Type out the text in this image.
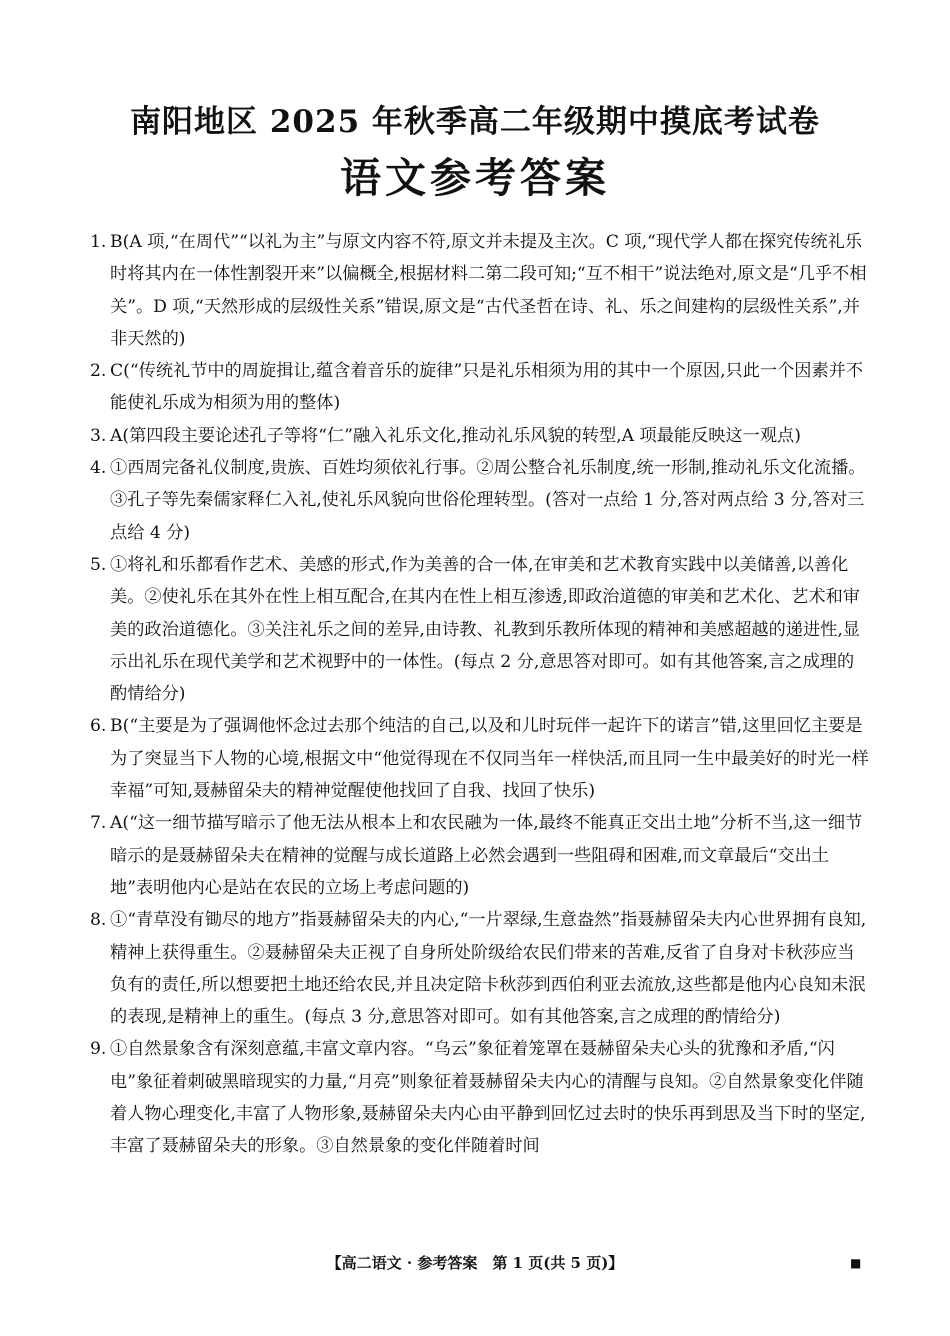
南阳地区 2025 年秋季高二年级期中摸底考试卷
语文参考答案
1. B(A 项,“在周代”“以礼为主”与原文内容不符,原文并未提及主次。C 项,“现代学人都在探究传统礼乐时将其内在一体性割裂开来”以偏概全,根据材料二第二段可知;“互不相干”说法绝对,原文是“几乎不相关”。D 项,“天然形成的层级性关系”错误,原文是“古代圣哲在诗、礼、乐之间建构的层级性关系”,并非天然的)
2. C(“传统礼节中的周旋揖让,蕴含着音乐的旋律”只是礼乐相须为用的其中一个原因,只此一个因素并不能使礼乐成为相须为用的整体)
3. A(第四段主要论述孔子等将“仁”融入礼乐文化,推动礼乐风貌的转型,A 项最能反映这一观点)
4. ①西周完备礼仪制度,贵族、百姓均须依礼行事。②周公整合礼乐制度,统一形制,推动礼乐文化流播。③孔子等先秦儒家释仁入礼,使礼乐风貌向世俗伦理转型。(答对一点给 1 分,答对两点给 3 分,答对三点给 4 分)
5. ①将礼和乐都看作艺术、美感的形式,作为美善的合一体,在审美和艺术教育实践中以美储善,以善化美。②使礼乐在其外在性上相互配合,在其内在性上相互渗透,即政治道德的审美和艺术化、艺术和审美的政治道德化。③关注礼乐之间的差异,由诗教、礼教到乐教所体现的精神和美感超越的递进性,显示出礼乐在现代美学和艺术视野中的一体性。(每点 2 分,意思答对即可。如有其他答案,言之成理的酌情给分)
6. B(“主要是为了强调他怀念过去那个纯洁的自己,以及和儿时玩伴一起许下的诺言”错,这里回忆主要是为了突显当下人物的心境,根据文中“他觉得现在不仅同当年一样快活,而且同一生中最美好的时光一样幸福”可知,聂赫留朵夫的精神觉醒使他找回了自我、找回了快乐)
7. A(“这一细节描写暗示了他无法从根本上和农民融为一体,最终不能真正交出土地”分析不当,这一细节暗示的是聂赫留朵夫在精神的觉醒与成长道路上必然会遇到一些阻碍和困难,而文章最后“交出土地”表明他内心是站在农民的立场上考虑问题的)
8. ①“青草没有锄尽的地方”指聂赫留朵夫的内心,“一片翠绿,生意盎然”指聂赫留朵夫内心世界拥有良知,精神上获得重生。②聂赫留朵夫正视了自身所处阶级给农民们带来的苦难,反省了自身对卡秋莎应当负有的责任,所以想要把土地还给农民,并且决定陪卡秋莎到西伯利亚去流放,这些都是他内心良知未泯的表现,是精神上的重生。(每点 3 分,意思答对即可。如有其他答案,言之成理的酌情给分)
9. ①自然景象含有深刻意蕴,丰富文章内容。“乌云”象征着笼罩在聂赫留朵夫心头的犹豫和矛盾,“闪电”象征着刺破黑暗现实的力量,“月亮”则象征着聂赫留朵夫内心的清醒与良知。②自然景象变化伴随着人物心理变化,丰富了人物形象,聂赫留朵夫内心由平静到回忆过去时的快乐再到思及当下时的坚定,丰富了聂赫留朵夫的形象。③自然景象的变化伴随着时间
【高二语文 · 参考答案　第 1 页(共 5 页)】	■
